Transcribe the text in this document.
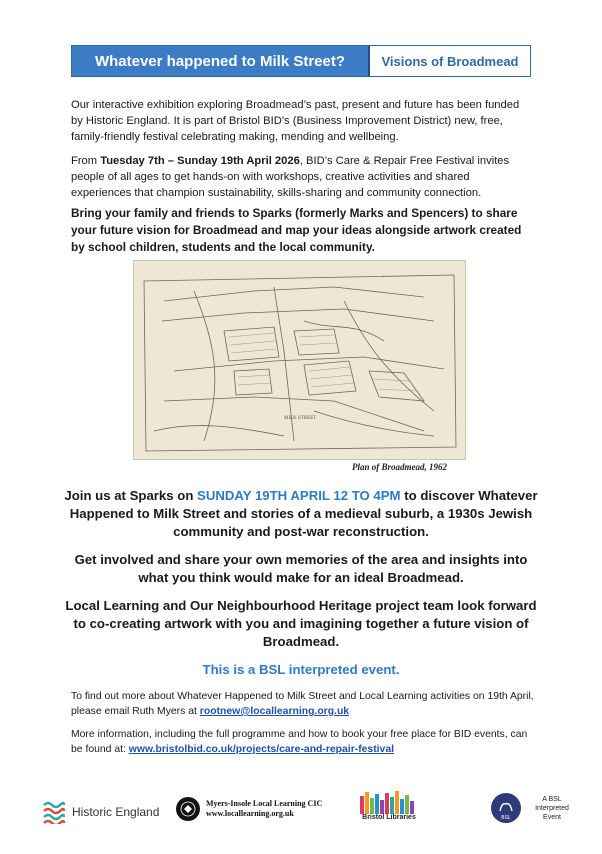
Whatever happened to Milk Street?	Visions of Broadmead

Our interactive exhibition exploring Broadmead’s past, present and future has been funded by Historic England. It is part of Bristol BID’s (Business Improvement District) new, free, family-friendly festival celebrating making, mending and wellbeing.

From Tuesday 7th – Sunday 19th April 2026, BID’s Care & Repair Free Festival invites people of all ages to get hands-on with workshops, creative activities and shared experiences that champion sustainability, skills-sharing and community connection.

Bring your family and friends to Sparks (formerly Marks and Spencers) to share your future vision for Broadmead and map your ideas alongside artwork created by school children, students and the local community.

MILK STREET
Plan of Broadmead, 1962

Join us at Sparks on SUNDAY 19TH APRIL 12 TO 4PM to discover Whatever Happened to Milk Street and stories of a medieval suburb, a 1930s Jewish community and post-war reconstruction.

Get involved and share your own memories of the area and insights into what you think would make for an ideal Broadmead.

Local Learning and Our Neighbourhood Heritage project team look forward to co-creating artwork with you and imagining together a future vision of Broadmead.

This is a BSL interpreted event.

To find out more about Whatever Happened to Milk Street and Local Learning activities on 19th April, please email Ruth Myers at rootnew@locallearning.org.uk

More information, including the full programme and how to book your free place for BID events, can be found at: www.bristolbid.co.uk/projects/care-and-repair-festival

Historic England
Myers-Insole Local Learning CIC
www.locallearning.org.uk	Bristol Libraries	BSL
A BSL Interpreted Event
